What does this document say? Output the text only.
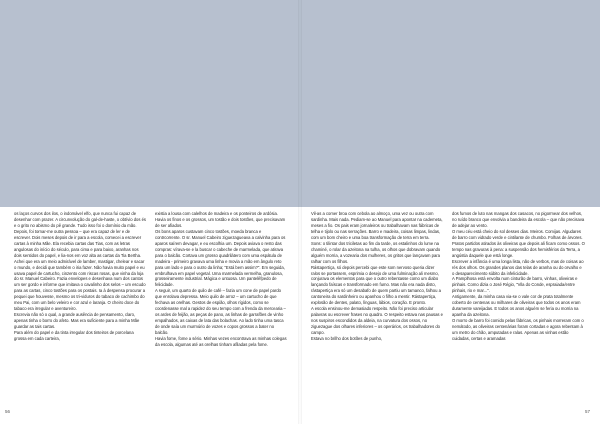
os laços curvos dos ilos, o indomável elfo, que nunca fui capaz de desenhar com prazer. A circunvolução do gal-de-haste, o obtívio dos és e o grito no abismo do pê grande. Tudo isso foi o domínio da mão. Depois, foi tornar-me outra pessoa – que era capaz de ler e de escrever. Dois meses depois de ir para a escola, comecei a escrever cartas à minha Mãe. Ela recebia cartas das Tias, com as letras angulosas do início do século, para cima e para baixo, aranhas nos dois sentidos do papel, e lia-nos em voz alta as cartas da Tia Bertha. Achei que era um meio admirável de lamber, mastigar, chelear e sacar o mundo, e decidi que também o iria fazer. Não havia muito papel e eu usava papel de cartucho, cinzento com riscas rosas, que vinha da loja do sr. Manuel Cabeiro. Fazia envelopes e desenhava num dos cantos um ser gordo e informe que imitava o cavalinho dos selos – um escudo para as cartas, cinco tostões para os postais. Ia à despensa procurar a pequei que houvesse, mesmo os tri-viduros do tabaco de cachimbo do meu Pai, com um belo veleiro e cor azul e laranja. O cheiro doce do tabaco era irregular e aventureiro.

Escrevia não só o qual, a grande ausência de pensamento, claro, apenas tinha o borro do afeto. Mas era suficiente para a minha Mãe guardar as tais cartas.

Para além do papel e da tinta irregular dos tinteiros de porcelana grossa em cada carteira,

existia a lousa com calelhos de madeira e os ponteiros de ardósia. Havia os finos e os grossos, um tostão e dois tostões, que precisavam de ser afiados.

Os bons aparos custavam cinco tostões, moeda branca e contrcorrente. O sr. Manuel Cabeiro ziguezagueava a calvinha para os aparos saírem devagar, e eu escolhia um. Depois aviava o resto das compras: vírava-se e la buscar o cabeche de marmelada, que atirava para o balcão. Cortava um grosso quadrilátero com uma espátula de madeira - primeiro gravava uma linha e movia a mão em ângulo reto para um lado e para o outro da linha; "Está bem assim?". Em seguida, embrulhava em papel vegetal. Uma marmelada vermelha, granulosa, grosseiramente industrial. Mágica e untuosa. Um pantelêfpedo de felicidade.

A seguir, um quarto de quilo de café – fazia um cone de papel pardo que enrolava depressa. Meio quilo de arroz – um cartucho de que fechava as orelhas. Gestos de espião, olhos rígidos, como se coordenasse mal a rapidez do seu tempo com a frenda da mercearia – os ardes de feijão, as peças de pano, as linhas de garrafões de vinho empalhados, as caixas de lata das bolachas. Ao lado tinha uma tasca de onde saía um murmúrio de vozes e copos grossos a bater no balcão.

Havia fome, fome a sério. Minhas vezes encontrava as minhas colegas da escola, algumas até as orelhas tinham afiladas pela fome.

Vil-as a comer broa com cebola ao almoço, uma vez ou outra com sardinha. Mais nada. Pediam-se ao Manuel para apontar na cademeta, meses a fio. Os pais eram jornaleiros ou trabalhavam nas fábricas de telha e tijolo ou nas serrações. Barro e madeira, coisas limpas, lindas, com um bom cheiro e uma boa transformação de terra em terra.

Sons: o tilintar dos triciletas ao fim da tarde, os estalinhos do lume na chaminé, o rolar da azeitona na tulha, os olhos que dobravam quando alguém morria, a vozearia dos mulheres, os gritos que lançavam para ralhar com os filhos.

Rástapertiça, só depois percebi que este som nervoso queria dizer ralos se portassem, esprimia o desejo de uma fulminação ali mesmo, conjurava os elementos para que o outro rebentasse como um diabo lançando faíscas e transformado em fumo. Mas não era nada disto, rástapertiça era só um desabafo de quem partiu um tamanco, falhou a cantoneira do sardinheiro ou apanhou o filho a mentir. Rástapertiça, explosão de dentes, palato, línguas, lábios, coração. E pronto.

A escola ensinou-me demasiado respeito. Não foi preciso articular palavras ou escrever frases no quadro. O respeito estava nas pausas e nos suspiros escondidos da aldeia, na curvatura dos ossos, no ziguezague dos olhares inferiores – os operários, os trabalhadores do campo.

Estava no brilho dos botões de punho,

dos fumos de luto nas mangas dos casacos, no pigormear dos velhos, no ruído branco que envolvia a bandeira da escola – que não precisava de adejar ao vento.

O meu céu está cheio do sol desses dias. Meiros. Comijas. Algudares de barro com vidrado verde e cintilante de chumbo. Folhas de árvores. Pratos partidos atirados às oliveiras que depois ali ficam como ossos. O tempo nas gravuras à pena: a suspensão dos hemisférios da Terra, a angústia daquele que está longe.

Escrever a infância é uma longa lista, não de verbos, mas de coisas ao rés dos olhos. Os grandes planos das telas de aranha ou do orvalho e o desaparecimento súbito da infelicidade.

A Pamplhosa está envolta num cinturão de barro, vinhas, oliveiras e pinhais. Como dizia o José Régio, "Vila do Conde, espraiada/entre pinhais, rio e mar...".

Antigamente, da minha casa via-se o vale cor de prata totalmente coberto de centenas ou milhares de oliveiras que todos os anos eram duramente vareijadas. E todos os anos alguém se feria ou morria na apanha da azeitona.

O morro de barro foi comido pelas fábricas, os pinhais morreram com o nemátodo, as oliveiras centenárias foram cortadas e agora rebentam à um metro do chão, amputadas e ralas. Apenas as vinhas estão cuidadas, certas e aramadas

56	57
